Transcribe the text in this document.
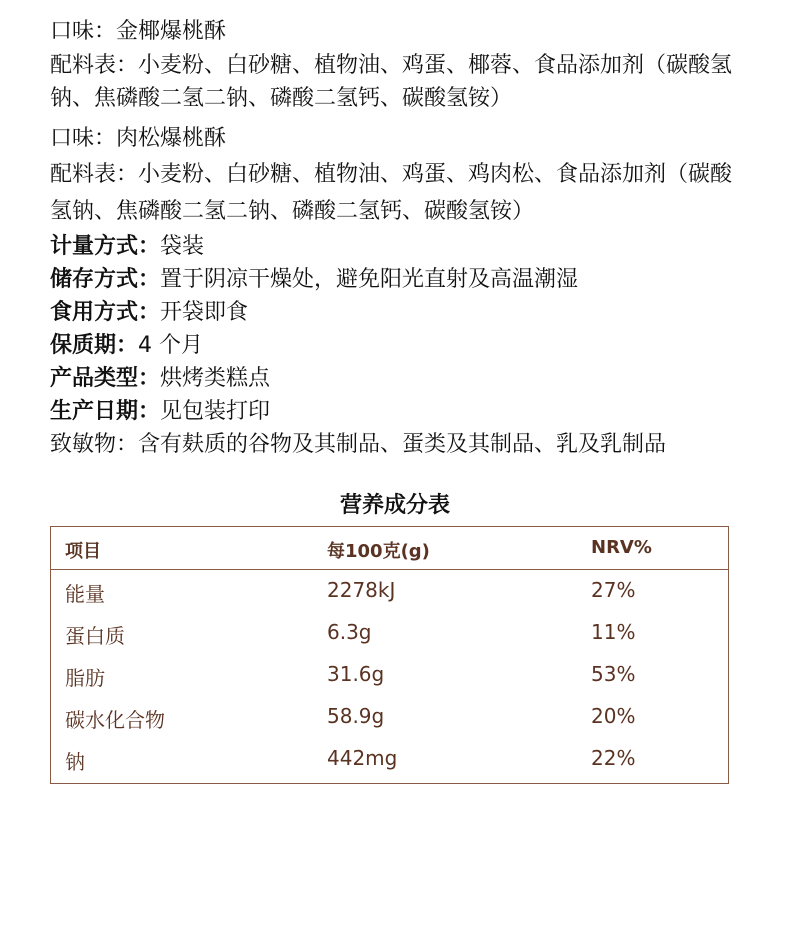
口味：金椰爆桃酥

配料表：小麦粉、白砂糖、植物油、鸡蛋、椰蓉、食品添加剂（碳酸氢钠、焦磷酸二氢二钠、磷酸二氢钙、碳酸氢铵）

口味：肉松爆桃酥

配料表：小麦粉、白砂糖、植物油、鸡蛋、鸡肉松、食品添加剂（碳酸氢钠、焦磷酸二氢二钠、磷酸二氢钙、碳酸氢铵）

计量方式：袋装

储存方式：置于阴凉干燥处，避免阳光直射及高温潮湿

食用方式：开袋即食

保质期：4 个月

产品类型：烘烤类糕点

生产日期：见包装打印

致敏物：含有麸质的谷物及其制品、蛋类及其制品、乳及乳制品

营养成分表
项目	每100克(g)	NRV%
能量	2278kJ	27%
蛋白质	6.3g	11%
脂肪	31.6g	53%
碳水化合物	58.9g	20%
钠	442mg	22%
